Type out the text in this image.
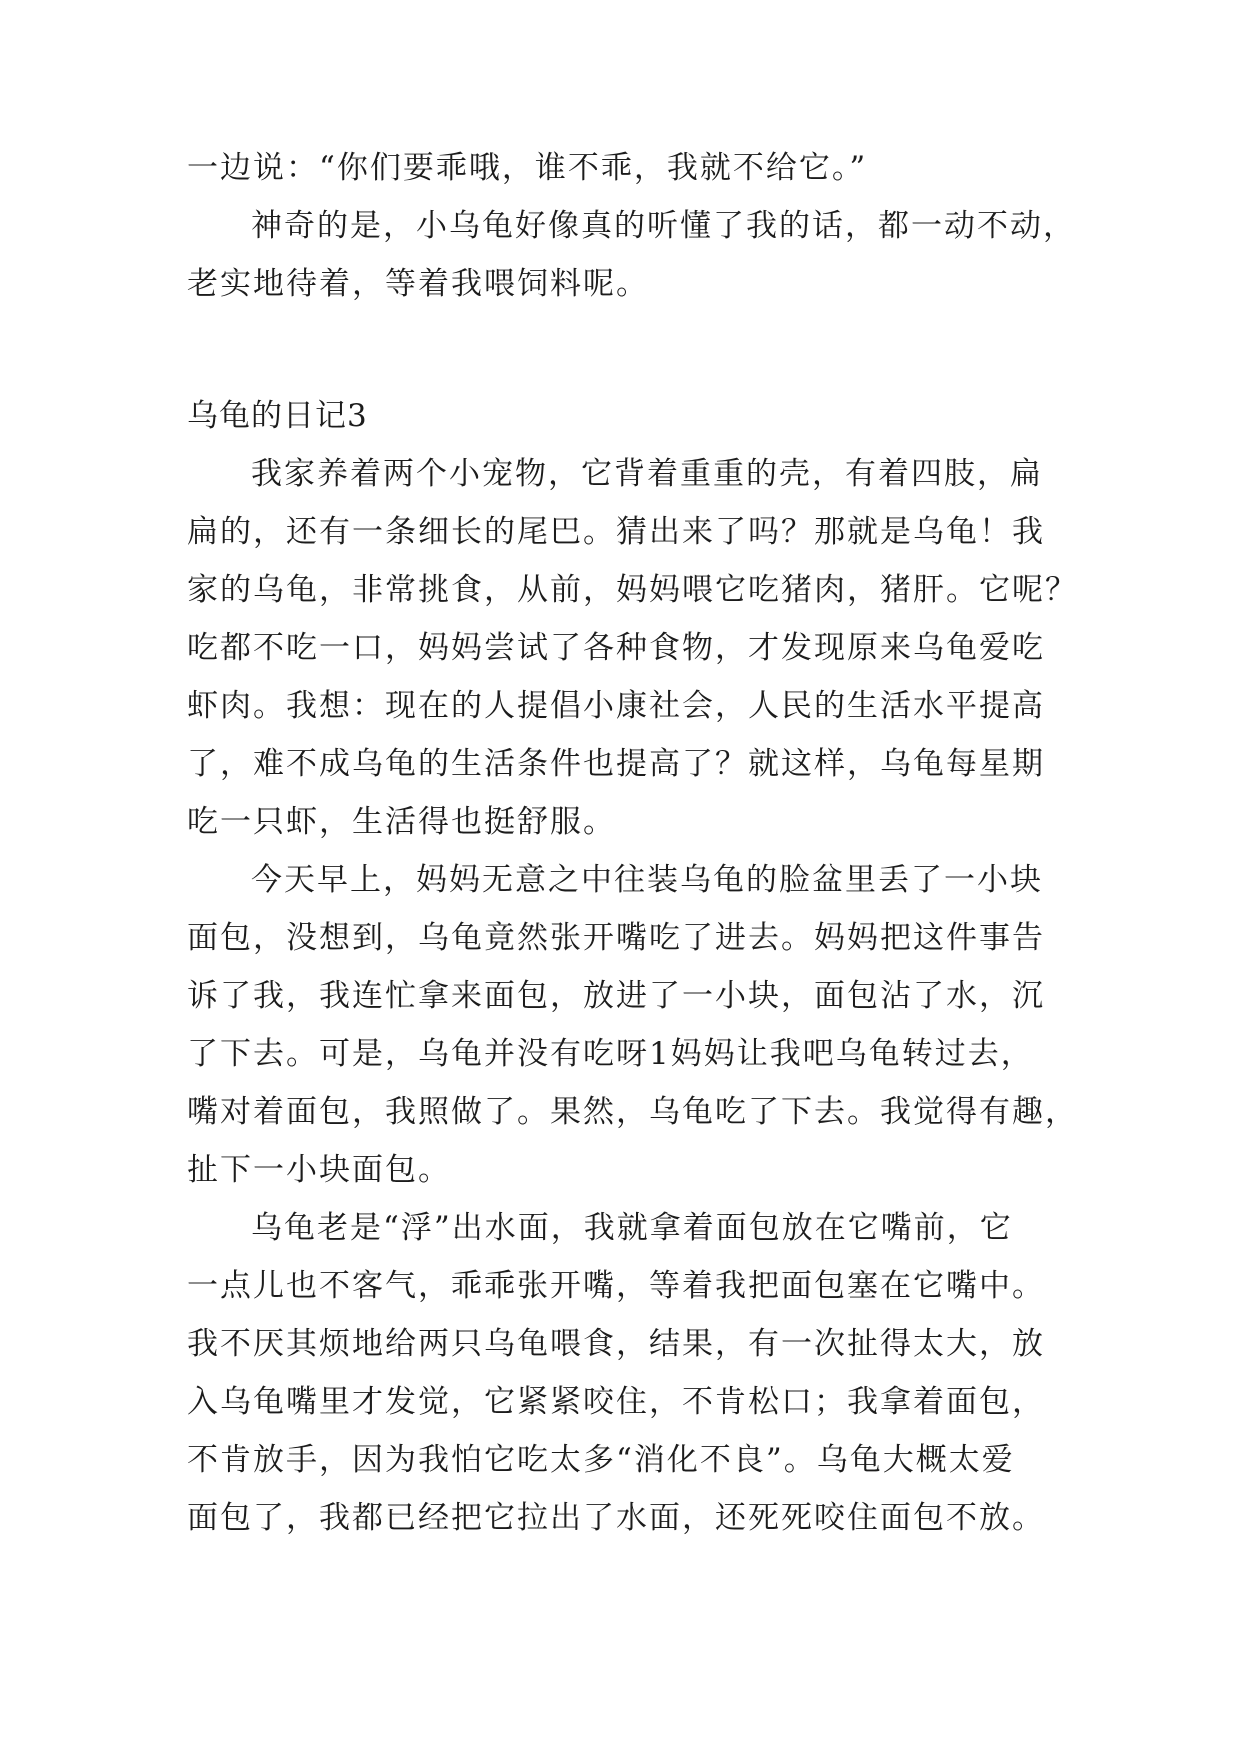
一边说：“你们要乖哦，谁不乖，我就不给它。”
神奇的是，小乌龟好像真的听懂了我的话，都一动不动，
老实地待着，等着我喂饲料呢。
乌龟的日记3
我家养着两个小宠物，它背着重重的壳，有着四肢，扁
扁的，还有一条细长的尾巴。猜出来了吗？那就是乌龟！我
家的乌龟，非常挑食，从前，妈妈喂它吃猪肉，猪肝。它呢？
吃都不吃一口，妈妈尝试了各种食物，才发现原来乌龟爱吃
虾肉。我想：现在的人提倡小康社会，人民的生活水平提高
了，难不成乌龟的生活条件也提高了？就这样，乌龟每星期
吃一只虾，生活得也挺舒服。
今天早上，妈妈无意之中往装乌龟的脸盆里丢了一小块
面包，没想到，乌龟竟然张开嘴吃了进去。妈妈把这件事告
诉了我，我连忙拿来面包，放进了一小块，面包沾了水，沉
了下去。可是，乌龟并没有吃呀1妈妈让我吧乌龟转过去，
嘴对着面包，我照做了。果然，乌龟吃了下去。我觉得有趣，
扯下一小块面包。
乌龟老是“浮”出水面，我就拿着面包放在它嘴前，它
一点儿也不客气，乖乖张开嘴，等着我把面包塞在它嘴中。
我不厌其烦地给两只乌龟喂食，结果，有一次扯得太大，放
入乌龟嘴里才发觉，它紧紧咬住，不肯松口；我拿着面包，
不肯放手，因为我怕它吃太多“消化不良”。乌龟大概太爱
面包了，我都已经把它拉出了水面，还死死咬住面包不放。
